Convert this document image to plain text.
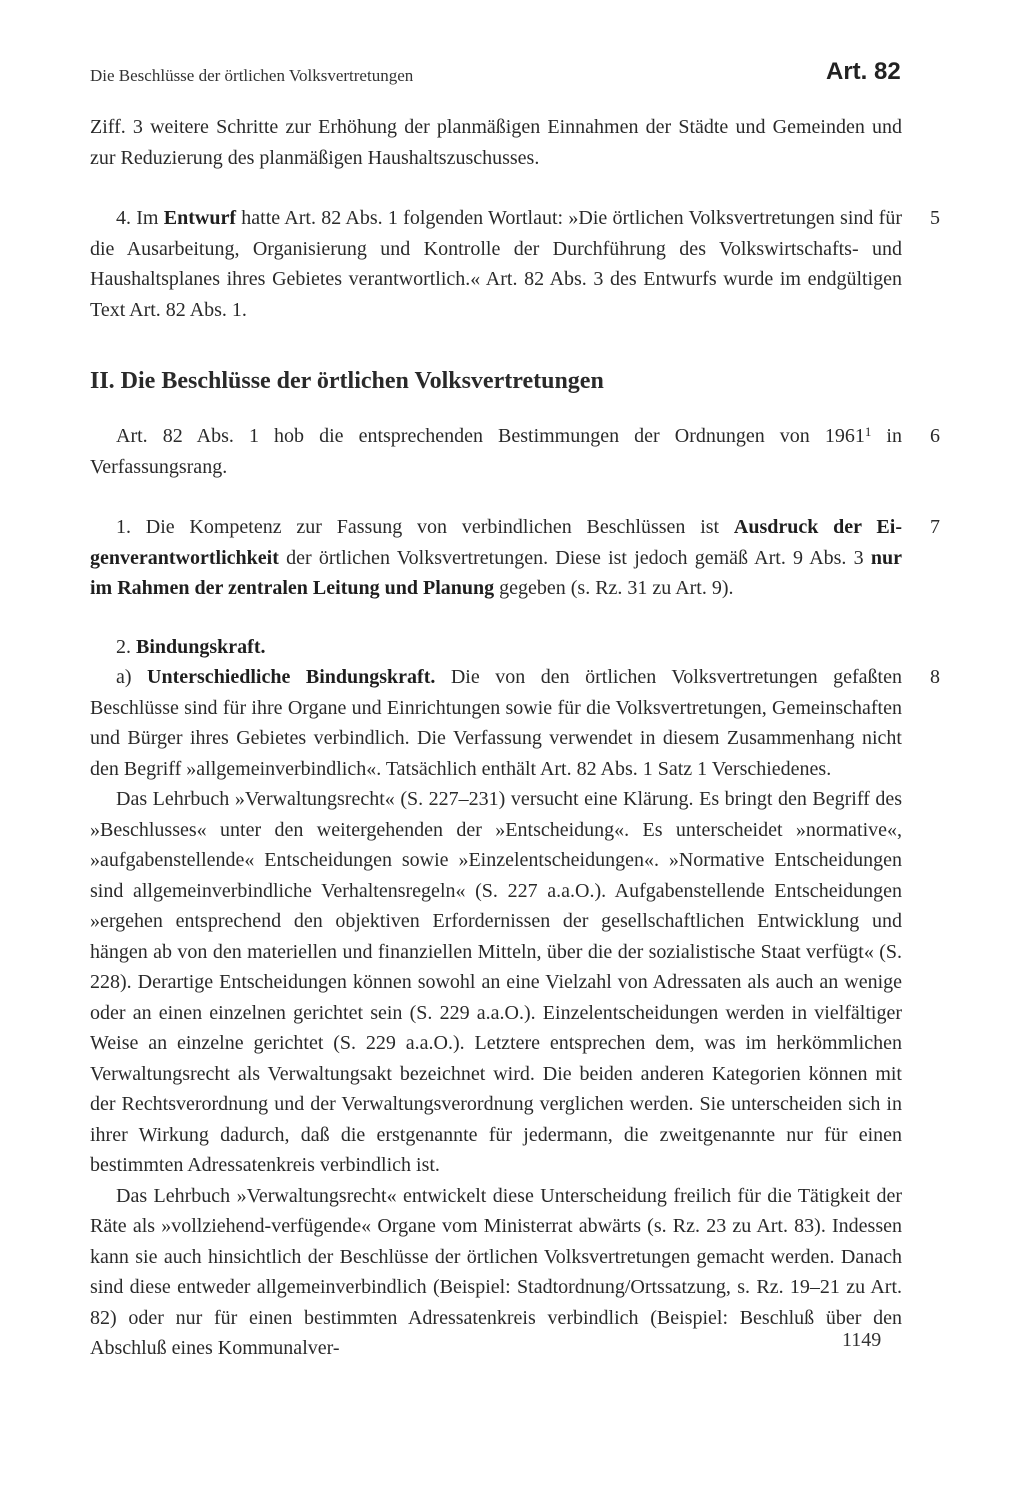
Die Beschlüsse der örtlichen Volksvertretungen	Art. 82

Ziff. 3 weitere Schritte zur Erhöhung der planmäßigen Einnahmen der Städte und Gemeinden und zur Reduzierung des planmäßigen Haushaltszuschusses.

4. Im Entwurf hatte Art. 82 Abs. 1 folgenden Wortlaut: »Die örtlichen Volksvertretungen sind für die Ausarbeitung, Organisierung und Kontrolle der Durchführung des Volkswirtschafts- und Haushaltsplanes ihres Gebietes verantwortlich.« Art. 82 Abs. 3 des Entwurfs wurde im endgültigen Text Art. 82 Abs. 1.
5

II. Die Beschlüsse der örtlichen Volksvertretungen

Art. 82 Abs. 1 hob die entsprechenden Bestimmungen der Ordnungen von 1961$^1$ in Verfassungsrang.
6

1. Die Kompetenz zur Fassung von verbindlichen Beschlüssen ist Ausdruck der Eigenverantwortlichkeit der örtlichen Volksvertretungen. Diese ist jedoch gemäß Art. 9 Abs. 3 nur im Rahmen der zentralen Leitung und Planung gegeben (s. Rz. 31 zu Art. 9).
7

2. Bindungskraft.

a) Unterschiedliche Bindungskraft. Die von den örtlichen Volksvertretungen gefaßten Beschlüsse sind für ihre Organe und Einrichtungen sowie für die Volksvertretungen, Gemeinschaften und Bürger ihres Gebietes verbindlich. Die Verfassung verwendet in diesem Zusammenhang nicht den Begriff »allgemeinverbindlich«. Tatsächlich enthält Art. 82 Abs. 1 Satz 1 Verschiedenes.
8

Das Lehrbuch »Verwaltungsrecht« (S. 227–231) versucht eine Klärung. Es bringt den Begriff des »Beschlusses« unter den weitergehenden der »Entscheidung«. Es unterscheidet »normative«, »aufgabenstellende« Entscheidungen sowie »Einzelentscheidungen«. »Normative Entscheidungen sind allgemeinverbindliche Verhaltensregeln« (S. 227 a.a.O.). Aufgabenstellende Entscheidungen »ergehen entsprechend den objektiven Erfordernissen der gesellschaftlichen Entwicklung und hängen ab von den materiellen und finanziellen Mitteln, über die der sozialistische Staat verfügt« (S. 228). Derartige Entscheidungen können sowohl an eine Vielzahl von Adressaten als auch an wenige oder an einen einzelnen gerichtet sein (S. 229 a.a.O.). Einzelentscheidungen werden in vielfältiger Weise an einzelne gerichtet (S. 229 a.a.O.). Letztere entsprechen dem, was im herkömmlichen Verwaltungsrecht als Verwaltungsakt bezeichnet wird. Die beiden anderen Kategorien können mit der Rechtsverordnung und der Verwaltungsverordnung verglichen werden. Sie unterscheiden sich in ihrer Wirkung dadurch, daß die erstgenannte für jedermann, die zweitgenannte nur für einen bestimmten Adressatenkreis verbindlich ist.

Das Lehrbuch »Verwaltungsrecht« entwickelt diese Unterscheidung freilich für die Tätigkeit der Räte als »vollziehend-verfügende« Organe vom Ministerrat abwärts (s. Rz. 23 zu Art. 83). Indessen kann sie auch hinsichtlich der Beschlüsse der örtlichen Volksvertretungen gemacht werden. Danach sind diese entweder allgemeinverbindlich (Beispiel: Stadtordnung/Ortssatzung, s. Rz. 19–21 zu Art. 82) oder nur für einen bestimmten Adressatenkreis verbindlich (Beispiel: Beschluß über den Abschluß eines Kommunalver-	1149
